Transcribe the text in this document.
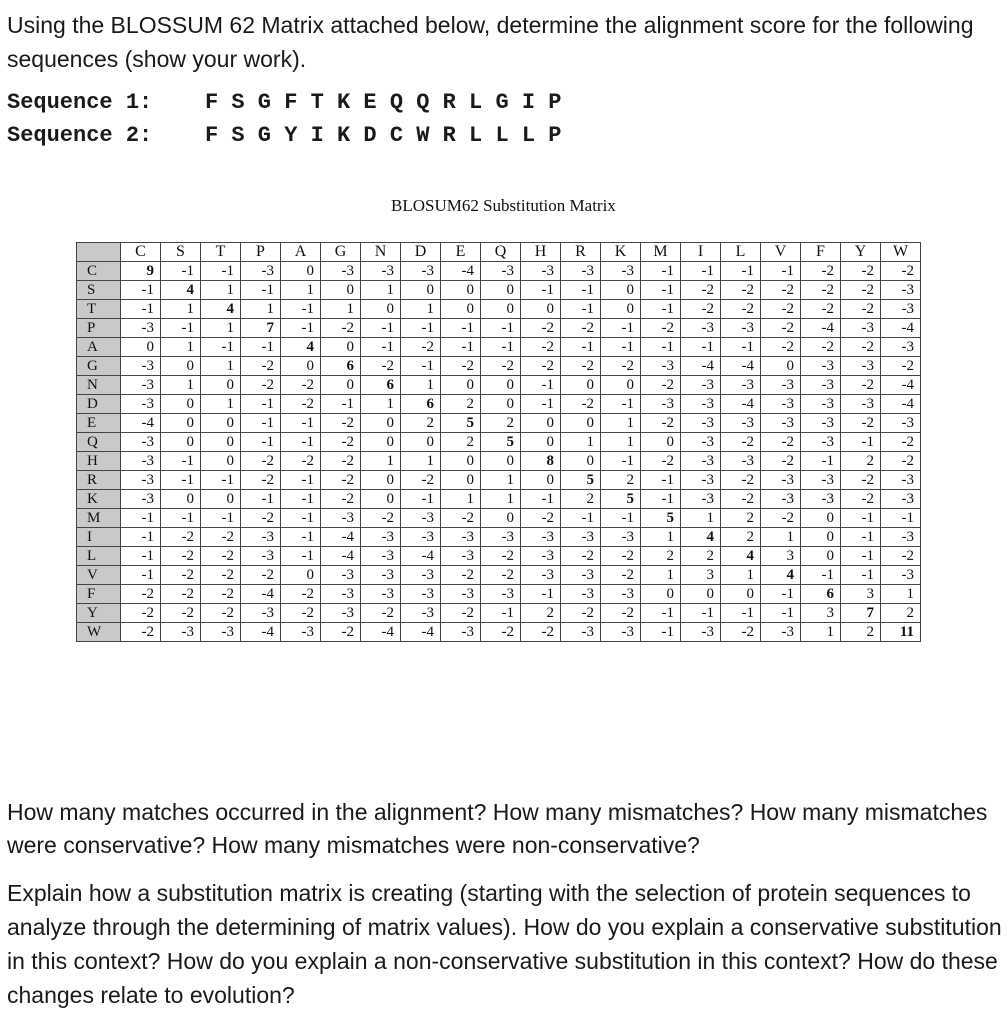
Using the BLOSSUM 62 Matrix attached below, determine the alignment score for the following sequences (show your work).

Sequence 1: F S G F T K E Q Q R L G I P
Sequence 2: F S G Y I K D C W R L L L P

BLOSUM62 Substitution Matrix

	C	S	T	P	A	G	N	D	E	Q	H	R	K	M	I	L	V	F	Y	W
C	9	-1	-1	-3	0	-3	-3	-3	-4	-3	-3	-3	-3	-1	-1	-1	-1	-2	-2	-2
S	-1	4	1	-1	1	0	1	0	0	0	-1	-1	0	-1	-2	-2	-2	-2	-2	-3
T	-1	1	4	1	-1	1	0	1	0	0	0	-1	0	-1	-2	-2	-2	-2	-2	-3
P	-3	-1	1	7	-1	-2	-1	-1	-1	-1	-2	-2	-1	-2	-3	-3	-2	-4	-3	-4
A	0	1	-1	-1	4	0	-1	-2	-1	-1	-2	-1	-1	-1	-1	-1	-2	-2	-2	-3
G	-3	0	1	-2	0	6	-2	-1	-2	-2	-2	-2	-2	-3	-4	-4	0	-3	-3	-2
N	-3	1	0	-2	-2	0	6	1	0	0	-1	0	0	-2	-3	-3	-3	-3	-2	-4
D	-3	0	1	-1	-2	-1	1	6	2	0	-1	-2	-1	-3	-3	-4	-3	-3	-3	-4
E	-4	0	0	-1	-1	-2	0	2	5	2	0	0	1	-2	-3	-3	-3	-3	-2	-3
Q	-3	0	0	-1	-1	-2	0	0	2	5	0	1	1	0	-3	-2	-2	-3	-1	-2
H	-3	-1	0	-2	-2	-2	1	1	0	0	8	0	-1	-2	-3	-3	-2	-1	2	-2
R	-3	-1	-1	-2	-1	-2	0	-2	0	1	0	5	2	-1	-3	-2	-3	-3	-2	-3
K	-3	0	0	-1	-1	-2	0	-1	1	1	-1	2	5	-1	-3	-2	-3	-3	-2	-3
M	-1	-1	-1	-2	-1	-3	-2	-3	-2	0	-2	-1	-1	5	1	2	-2	0	-1	-1
I	-1	-2	-2	-3	-1	-4	-3	-3	-3	-3	-3	-3	-3	1	4	2	1	0	-1	-3
L	-1	-2	-2	-3	-1	-4	-3	-4	-3	-2	-3	-2	-2	2	2	4	3	0	-1	-2
V	-1	-2	-2	-2	0	-3	-3	-3	-2	-2	-3	-3	-2	1	3	1	4	-1	-1	-3
F	-2	-2	-2	-4	-2	-3	-3	-3	-3	-3	-1	-3	-3	0	0	0	-1	6	3	1
Y	-2	-2	-2	-3	-2	-3	-2	-3	-2	-1	2	-2	-2	-1	-1	-1	-1	3	7	2
W	-2	-3	-3	-4	-3	-2	-4	-4	-3	-2	-2	-3	-3	-1	-3	-2	-3	1	2	11

How many matches occurred in the alignment? How many mismatches? How many mismatches were conservative? How many mismatches were non-conservative?

Explain how a substitution matrix is creating (starting with the selection of protein sequences to analyze through the determining of matrix values). How do you explain a conservative substitution in this context? How do you explain a non-conservative substitution in this context? How do these changes relate to evolution?
